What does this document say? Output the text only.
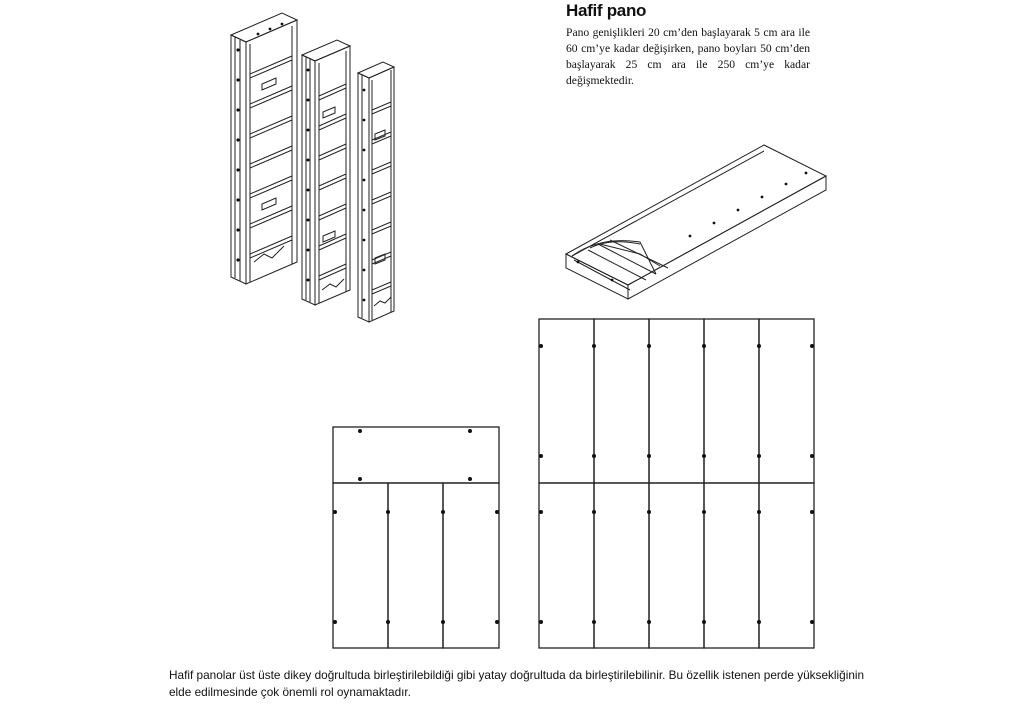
Hafif pano
Pano genişlikleri 20 cm’den başlayarak 5 cm ara ile 60 cm’ye kadar değişirken, pano boyları 50 cm’den başlayarak 25 cm ara ile 250 cm’ye kadar değişmektedir.
Hafif panolar üst üste dikey doğrultuda birleştirilebildiği gibi yatay doğrultuda da birleştirilebilinir. Bu özellik istenen perde yüksekliğinin elde edilmesinde çok önemli rol oynamaktadır.
